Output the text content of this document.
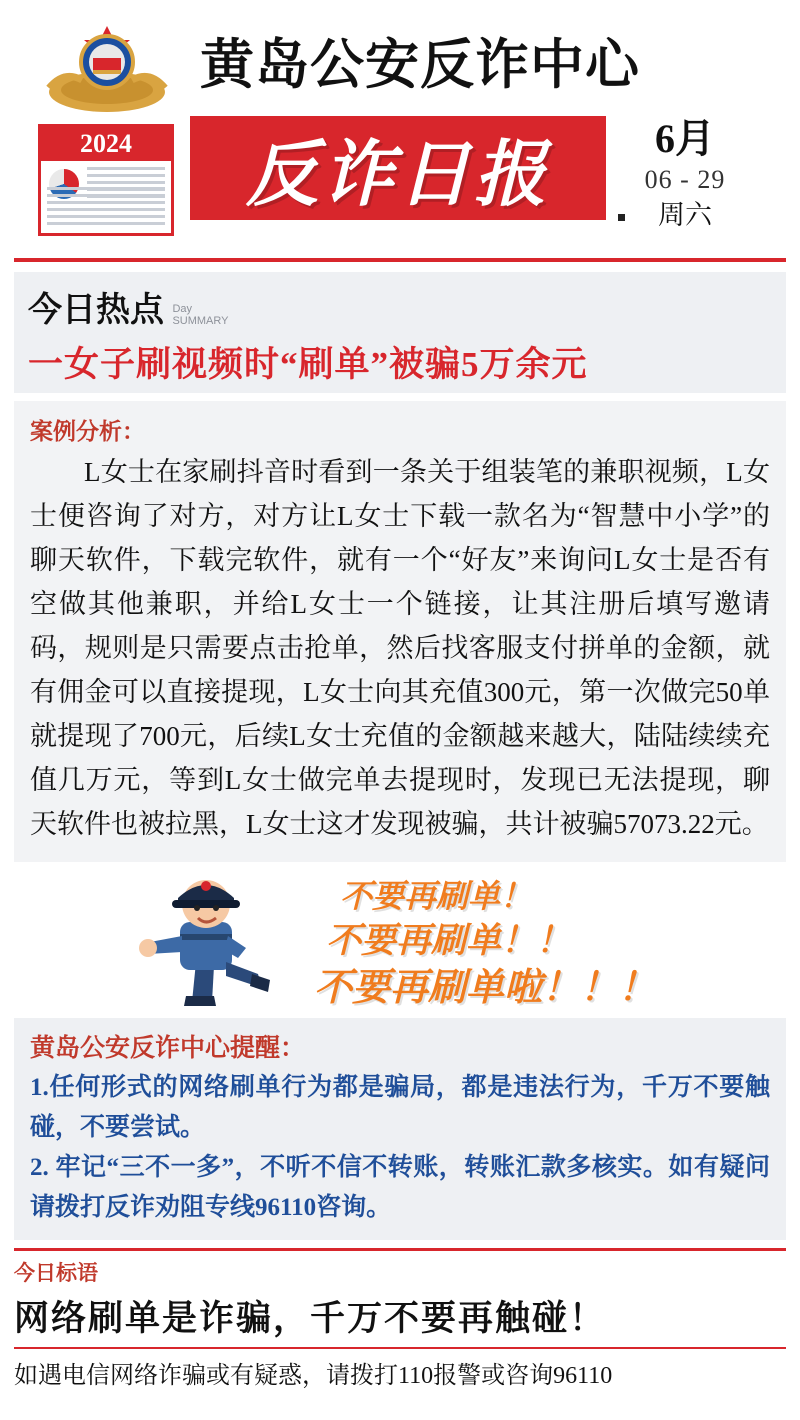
黄岛公安反诈中心
2024	反诈日报	6月
06 - 29
周六
今日热点 Day
SUMMARY
一女子刷视频时“刷单”被骗5万余元
案例分析：
L女士在家刷抖音时看到一条关于组装笔的兼职视频，L女士便咨询了对方，对方让L女士下载一款名为“智慧中小学”的聊天软件，下载完软件，就有一个“好友”来询问L女士是否有空做其他兼职，并给L女士一个链接，让其注册后填写邀请码，规则是只需要点击抢单，然后找客服支付拼单的金额，就有佣金可以直接提现，L女士向其充值300元，第一次做完50单就提现了700元，后续L女士充值的金额越来越大，陆陆续续充值几万元，等到L女士做完单去提现时，发现已无法提现，聊天软件也被拉黑，L女士这才发现被骗，共计被骗57073.22元。
不要再刷单！
不要再刷单！！
不要再刷单啦！！！
黄岛公安反诈中心提醒：
1.任何形式的网络刷单行为都是骗局，都是违法行为，千万不要触碰，不要尝试。
2. 牢记“三不一多”，不听不信不转账，转账汇款多核实。如有疑问请拨打反诈劝阻专线96110咨询。
今日标语
网络刷单是诈骗，千万不要再触碰！
如遇电信网络诈骗或有疑惑，请拨打110报警或咨询96110
